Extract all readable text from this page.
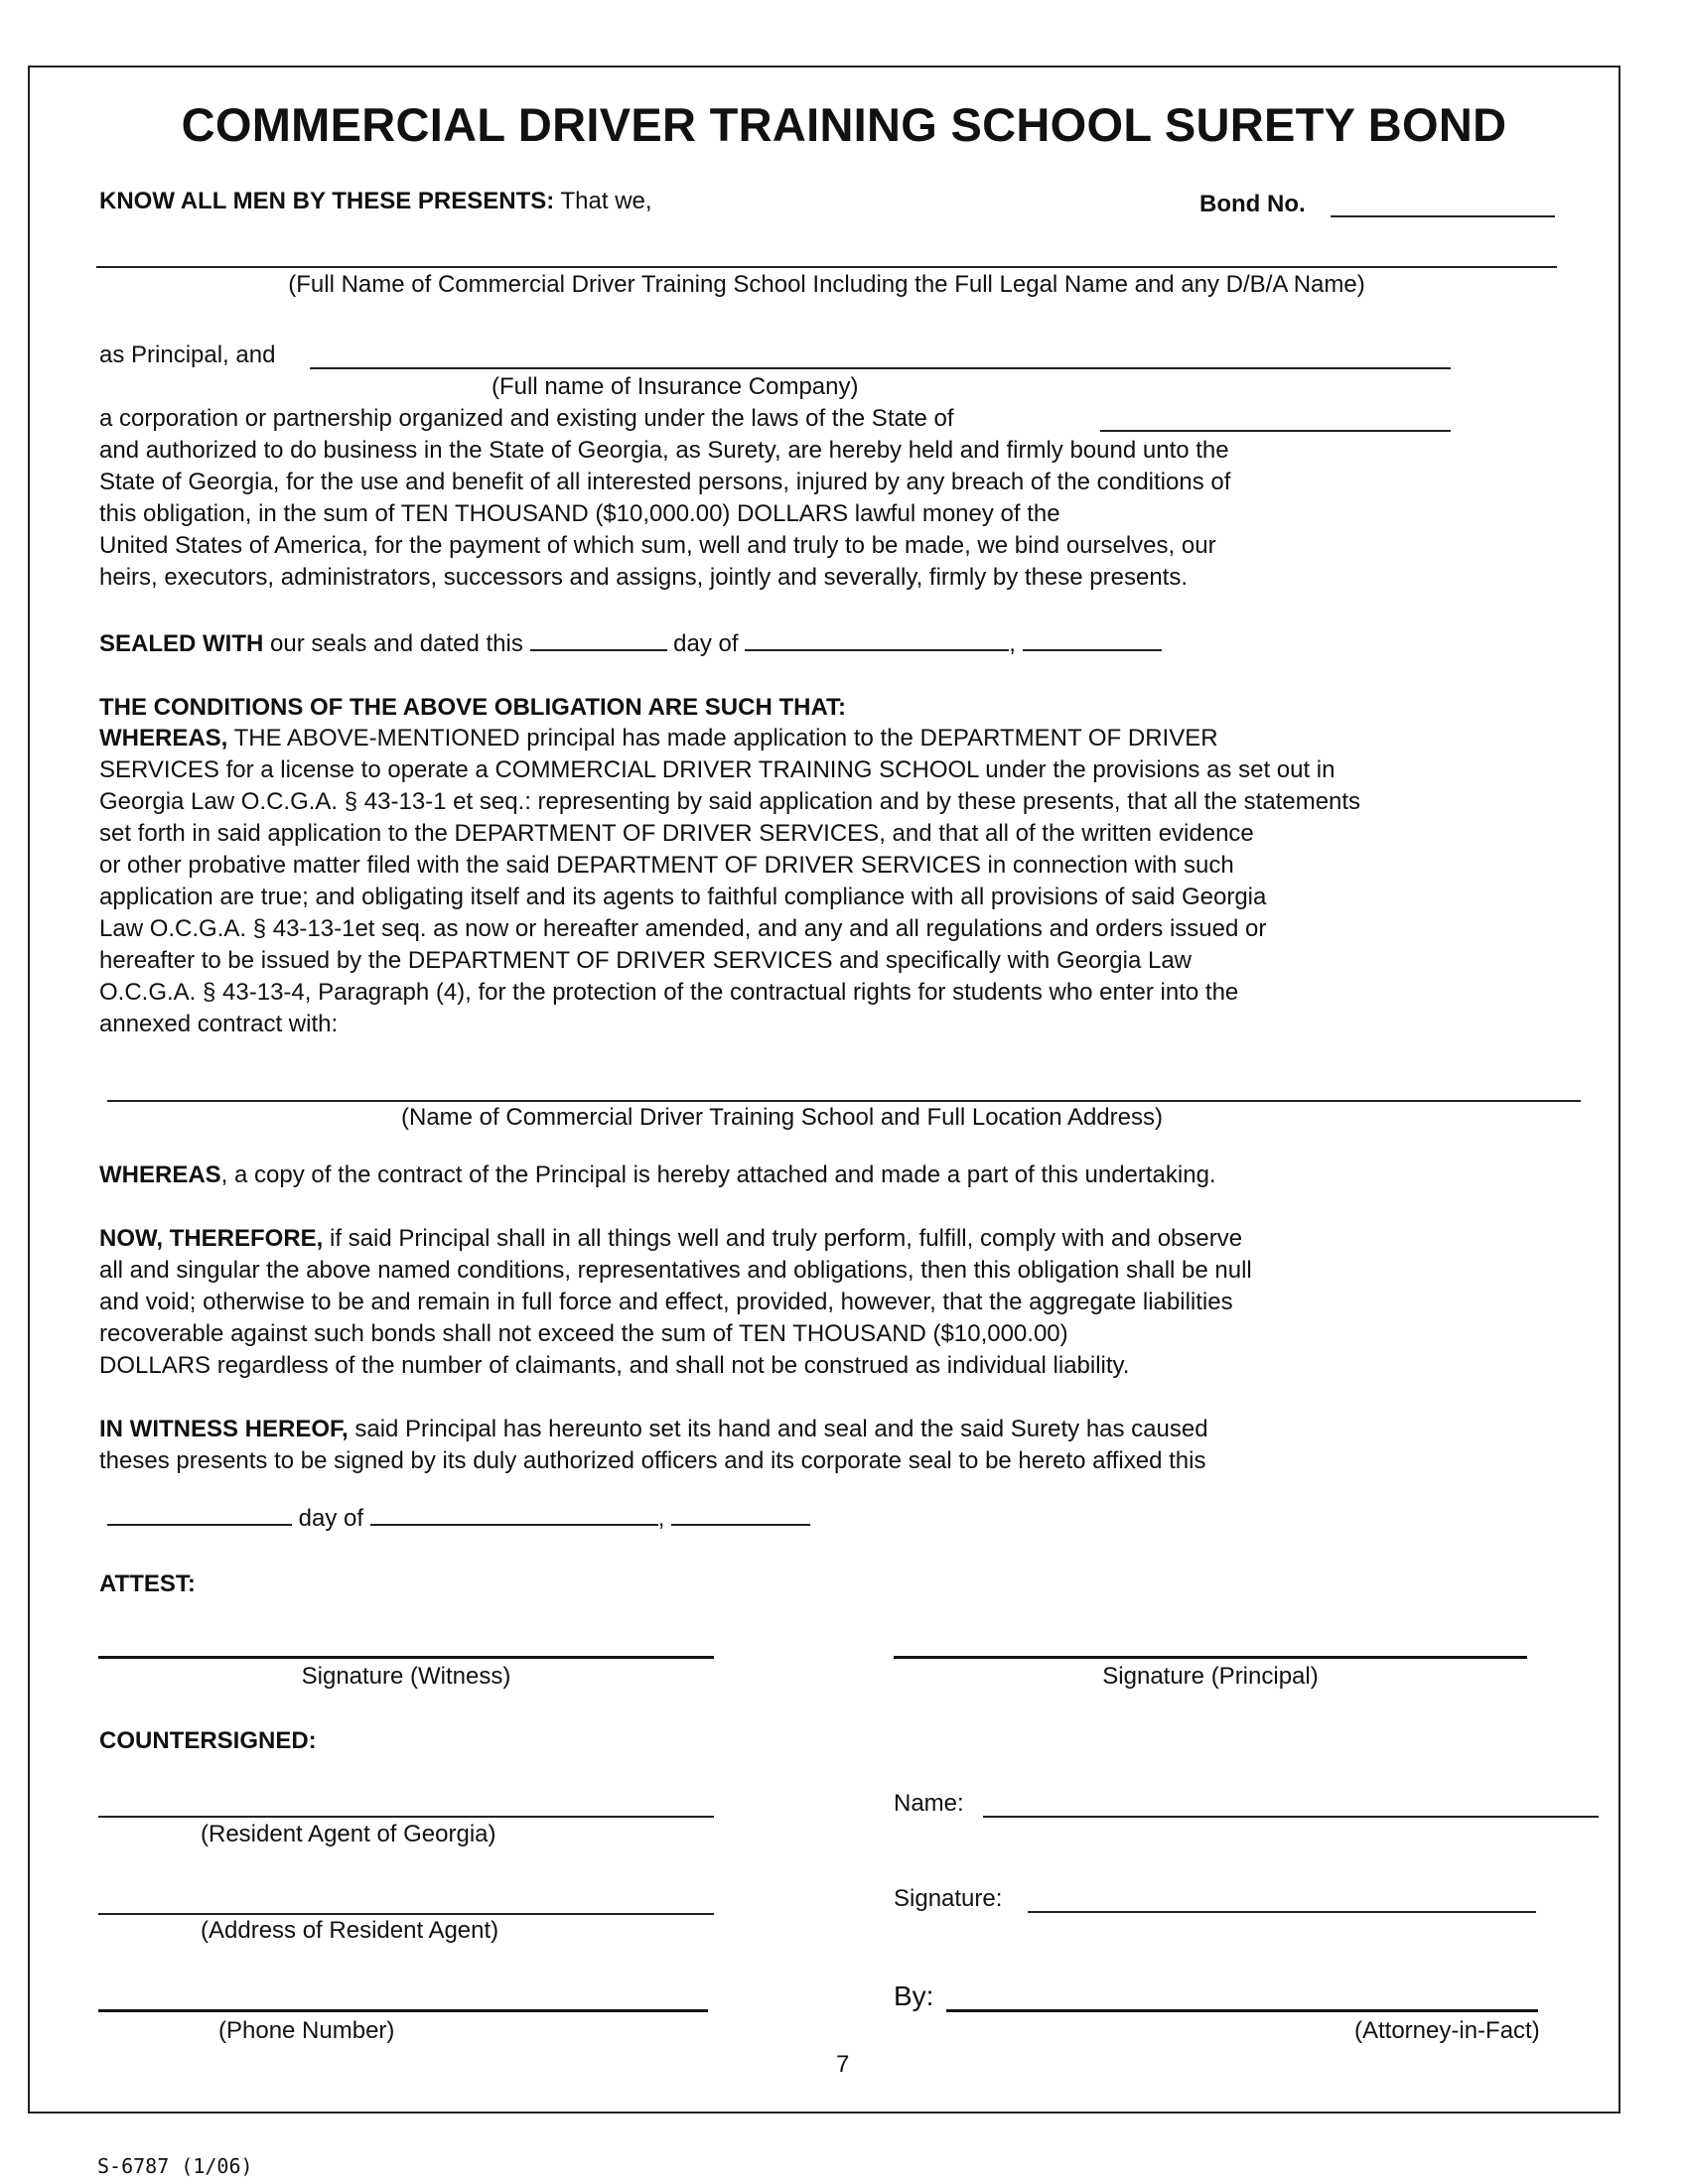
COMMERCIAL DRIVER TRAINING SCHOOL SURETY BOND
KNOW ALL MEN BY THESE PRESENTS: That we,	Bond No.
(Full Name of Commercial Driver Training School Including the Full Legal Name and any D/B/A Name)
as Principal, and
(Full name of Insurance Company)
a corporation or partnership organized and existing under the laws of the State of
and authorized to do business in the State of Georgia, as Surety, are hereby held and firmly bound unto the
State of Georgia, for the use and benefit of all interested persons, injured by any breach of the conditions of
this obligation, in the sum of TEN THOUSAND ($10,000.00) DOLLARS lawful money of the
United States of America, for the payment of which sum, well and truly to be made, we bind ourselves, our
heirs, executors, administrators, successors and assigns, jointly and severally, firmly by these presents.
SEALED WITH our seals and dated this	day of	,
THE CONDITIONS OF THE ABOVE OBLIGATION ARE SUCH THAT:
WHEREAS, THE ABOVE-MENTIONED principal has made application to the DEPARTMENT OF DRIVER
SERVICES for a license to operate a COMMERCIAL DRIVER TRAINING SCHOOL under the provisions as set out in
Georgia Law O.C.G.A. § 43-13-1 et seq.: representing by said application and by these presents, that all the statements
set forth in said application to the DEPARTMENT OF DRIVER SERVICES, and that all of the written evidence
or other probative matter filed with the said DEPARTMENT OF DRIVER SERVICES in connection with such
application are true; and obligating itself and its agents to faithful compliance with all provisions of said Georgia
Law O.C.G.A. § 43-13-1et seq. as now or hereafter amended, and any and all regulations and orders issued or
hereafter to be issued by the DEPARTMENT OF DRIVER SERVICES and specifically with Georgia Law
O.C.G.A. § 43-13-4, Paragraph (4), for the protection of the contractual rights for students who enter into the
annexed contract with:
(Name of Commercial Driver Training School and Full Location Address)
WHEREAS, a copy of the contract of the Principal is hereby attached and made a part of this undertaking.
NOW, THEREFORE, if said Principal shall in all things well and truly perform, fulfill, comply with and observe
all and singular the above named conditions, representatives and obligations, then this obligation shall be null
and void; otherwise to be and remain in full force and effect, provided, however, that the aggregate liabilities
recoverable against such bonds shall not exceed the sum of TEN THOUSAND ($10,000.00)
DOLLARS regardless of the number of claimants, and shall not be construed as individual liability.
IN WITNESS HEREOF, said Principal has hereunto set its hand and seal and the said Surety has caused
theses presents to be signed by its duly authorized officers and its corporate seal to be hereto affixed this
day of	,
ATTEST:
Signature (Witness)	Signature (Principal)
COUNTERSIGNED:
(Resident Agent of Georgia)
Name:
(Address of Resident Agent)
Signature:
(Phone Number)
By:
(Attorney-in-Fact)
7
S-6787 (1/06)
